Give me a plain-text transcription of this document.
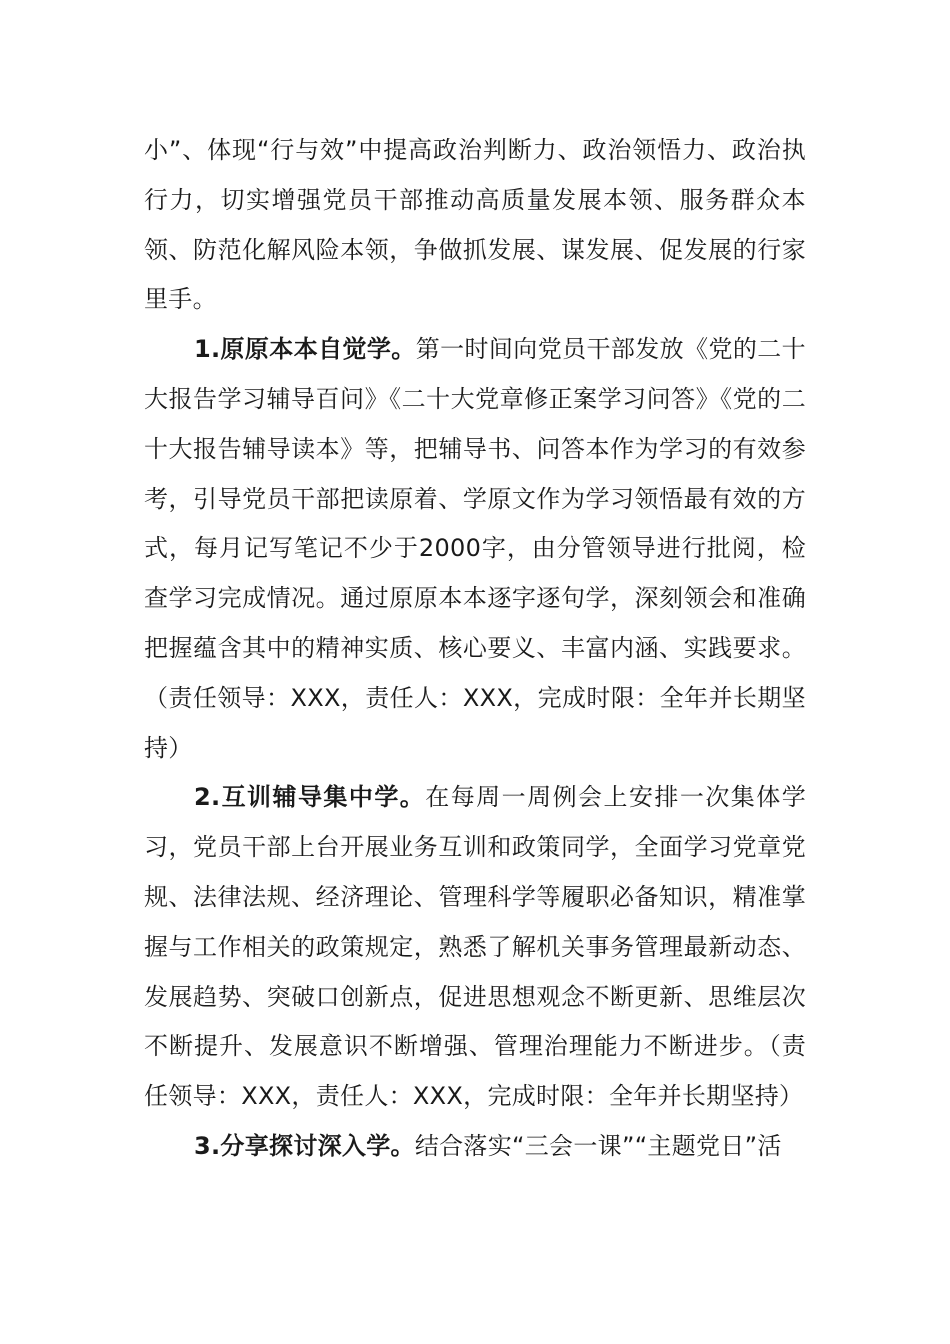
小”、体现“行与效”中提高政治判断力、政治领悟力、政治执行力，切实增强党员干部推动高质量发展本领、服务群众本领、防范化解风险本领，争做抓发展、谋发展、促发展的行家里手。

1.原原本本自觉学。第一时间向党员干部发放《党的二十大报告学习辅导百问》《二十大党章修正案学习问答》《党的二十大报告辅导读本》等，把辅导书、问答本作为学习的有效参考，引导党员干部把读原着、学原文作为学习领悟最有效的方式，每月记写笔记不少于2000字，由分管领导进行批阅，检查学习完成情况。通过原原本本逐字逐句学，深刻领会和准确把握蕴含其中的精神实质、核心要义、丰富内涵、实践要求。（责任领导：XXX，责任人：XXX，完成时限：全年并长期坚持）

2.互训辅导集中学。在每周一周例会上安排一次集体学习，党员干部上台开展业务互训和政策同学，全面学习党章党规、法律法规、经济理论、管理科学等履职必备知识，精准掌握与工作相关的政策规定，熟悉了解机关事务管理最新动态、发展趋势、突破口创新点，促进思想观念不断更新、思维层次不断提升、发展意识不断增强、管理治理能力不断进步。（责任领导：XXX，责任人：XXX，完成时限：全年并长期坚持）

3.分享探讨深入学。结合落实“三会一课”“主题党日”活
